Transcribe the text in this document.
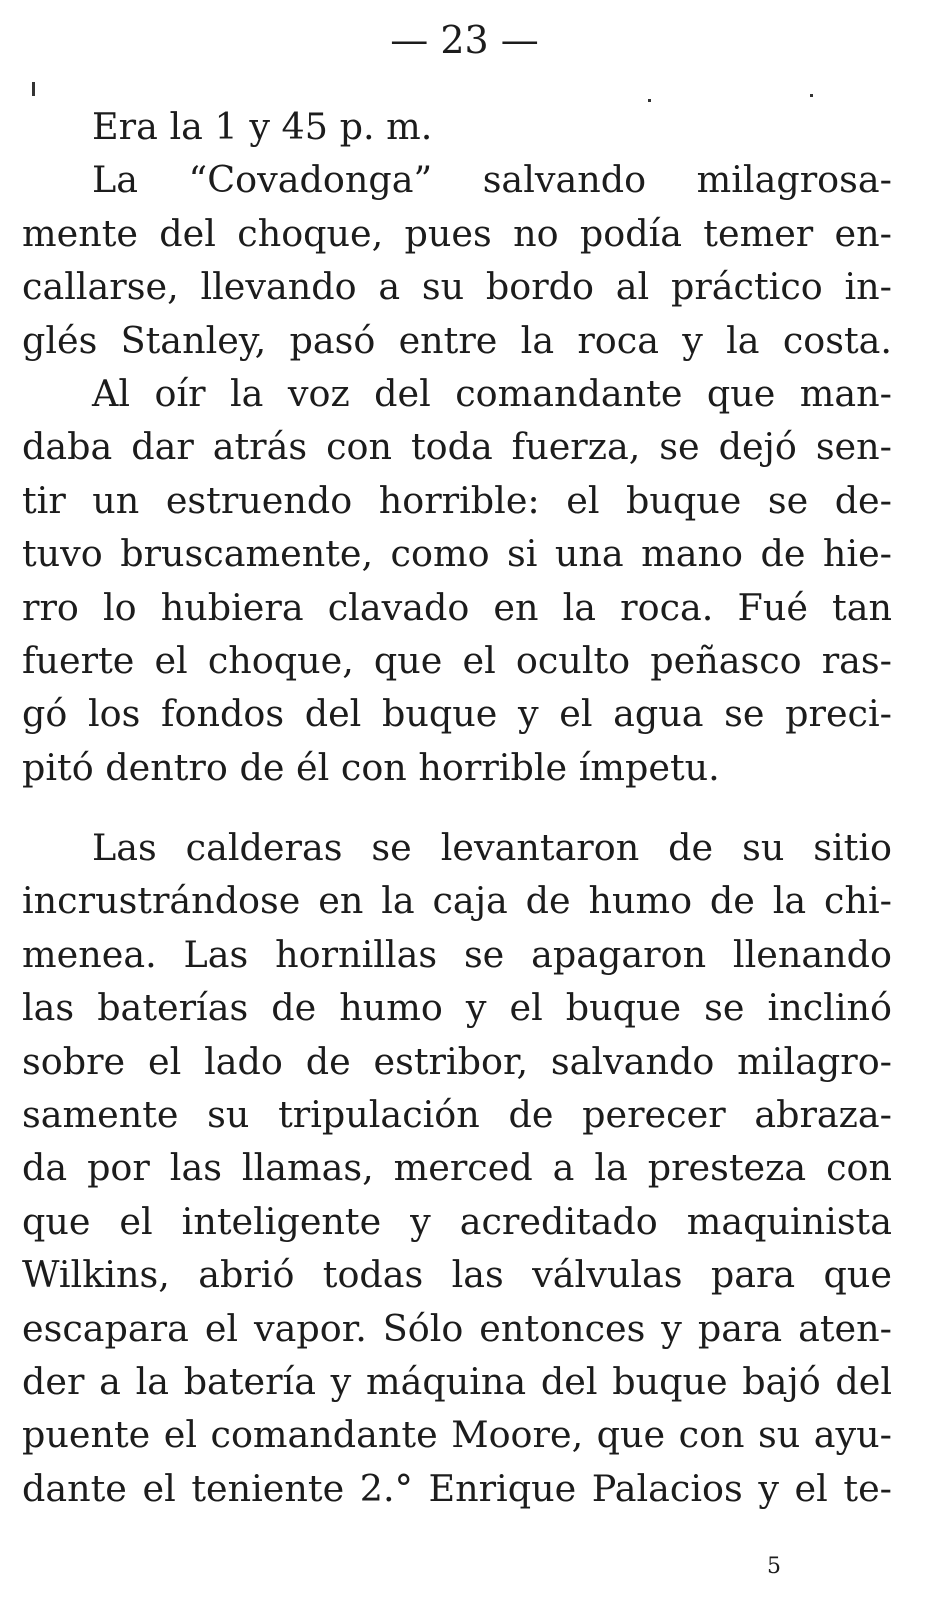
— 23 —
Era la 1 y 45 p. m.
La “Covadonga” salvando milagrosa-
mente del choque, pues no podía temer en-
callarse, llevando a su bordo al práctico in-
glés Stanley, pasó entre la roca y la costa.
Al oír la voz del comandante que man-
daba dar atrás con toda fuerza, se dejó sen-
tir un estruendo horrible: el buque se de-
tuvo bruscamente, como si una mano de hie-
rro lo hubiera clavado en la roca. Fué tan
fuerte el choque, que el oculto peñasco ras-
gó los fondos del buque y el agua se preci-
pitó dentro de él con horrible ímpetu.
Las calderas se levantaron de su sitio
incrustrándose en la caja de humo de la chi-
menea. Las hornillas se apagaron llenando
las baterías de humo y el buque se inclinó
sobre el lado de estribor, salvando milagro-
samente su tripulación de perecer abraza-
da por las llamas, merced a la presteza con
que el inteligente y acreditado maquinista
Wilkins, abrió todas las válvulas para que
escapara el vapor. Sólo entonces y para aten-
der a la batería y máquina del buque bajó del
puente el comandante Moore, que con su ayu-
dante el teniente 2.° Enrique Palacios y el te-
5
